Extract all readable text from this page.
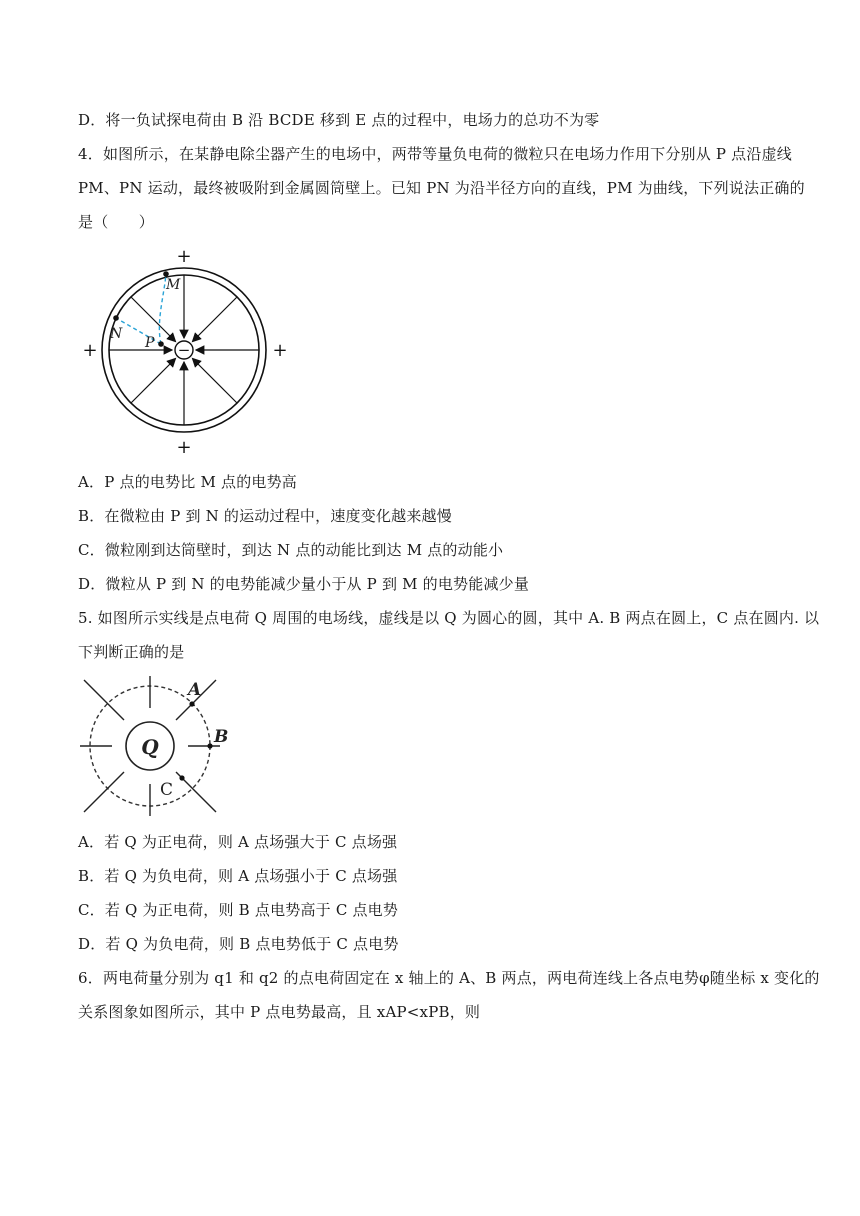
D．将一负试探电荷由 B 沿 BCDE 移到 E 点的过程中，电场力的总功不为零
4．如图所示，在某静电除尘器产生的电场中，两带等量负电荷的微粒只在电场力作用下分别从 P 点沿虚线
PM、PN 运动，最终被吸附到金属圆筒壁上。已知 PN 为沿半径方向的直线，PM 为曲线，下列说法正确的
是（　　）
−
M
N
P
+
+
+	+
A．P 点的电势比 M 点的电势高
B．在微粒由 P 到 N 的运动过程中，速度变化越来越慢
C．微粒刚到达筒壁时，到达 N 点的动能比到达 M 点的动能小
D．微粒从 P 到 N 的电势能减少量小于从 P 到 M 的电势能减少量
5. 如图所示实线是点电荷 Q 周围的电场线，虚线是以 Q 为圆心的圆，其中 A. B 两点在圆上，C 点在圆内. 以
下判断正确的是
Q
A
B
C
A．若 Q 为正电荷，则 A 点场强大于 C 点场强
B．若 Q 为负电荷，则 A 点场强小于 C 点场强
C．若 Q 为正电荷，则 B 点电势高于 C 点电势
D．若 Q 为负电荷，则 B 点电势低于 C 点电势
6．两电荷量分别为 q1 和 q2 的点电荷固定在 x 轴上的 A、B 两点，两电荷连线上各点电势φ随坐标 x 变化的
关系图象如图所示，其中 P 点电势最高，且 xAP<xPB，则
